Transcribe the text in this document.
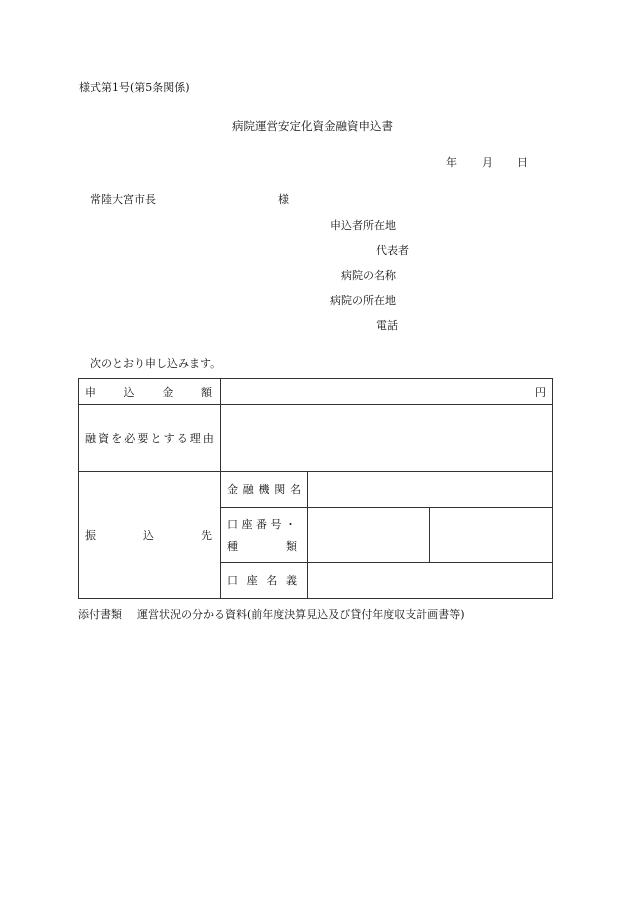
様式第1号(第5条関係)
病院運営安定化資金融資申込書
年 月 日
常陸大宮市長	様
申込者所在地
代表者
病院の名称
病院の所在地
電話
次のとおり申し込みます。
申 込 金 額	円		
融資を必要とする理由			

振 込 先	金 融 機 関 名		

	口 座 番 号 ・
種 類		

	口 座 名 義		

添付書類 運営状況の分かる資料(前年度決算見込及び貸付年度収支計画書等)
